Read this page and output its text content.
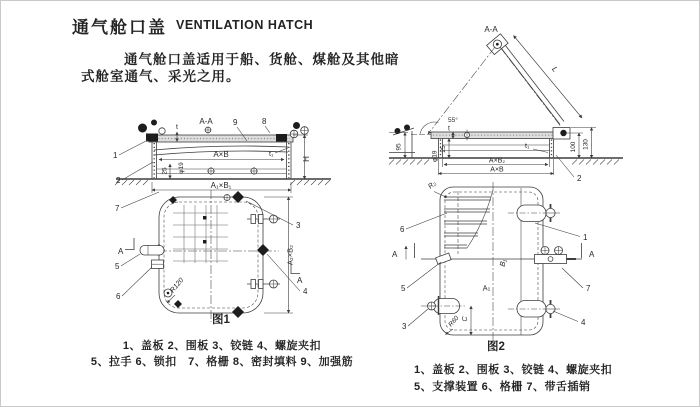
通气舱口盖 VENTILATION HATCH
通气舱口盖适用于船、货舱、煤舱及其他暗
式舱室通气、采光之用。
A-A
A×B
A₁×B₁
H
t
t₁
φ19
25
1
2
9	8
R120
A₂×B₂
A
A
7
5
6
3
4
A-A
L
55°
95
t
25
φ19	A×B₂
A×B
t₁	100 130
2
A	A
R₂
R60 C
B₁
A₁
6
5
3
1
7
4
图1
图2
1、盖板 2、围板 3、铰链 4、螺旋夹扣
5、拉手 6、锁扣　7、格栅 8、密封填料 9、加强筋
1、盖板 2、围板 3、铰链 4、螺旋夹扣
5、支撑装置 6、格栅 7、带舌插销
